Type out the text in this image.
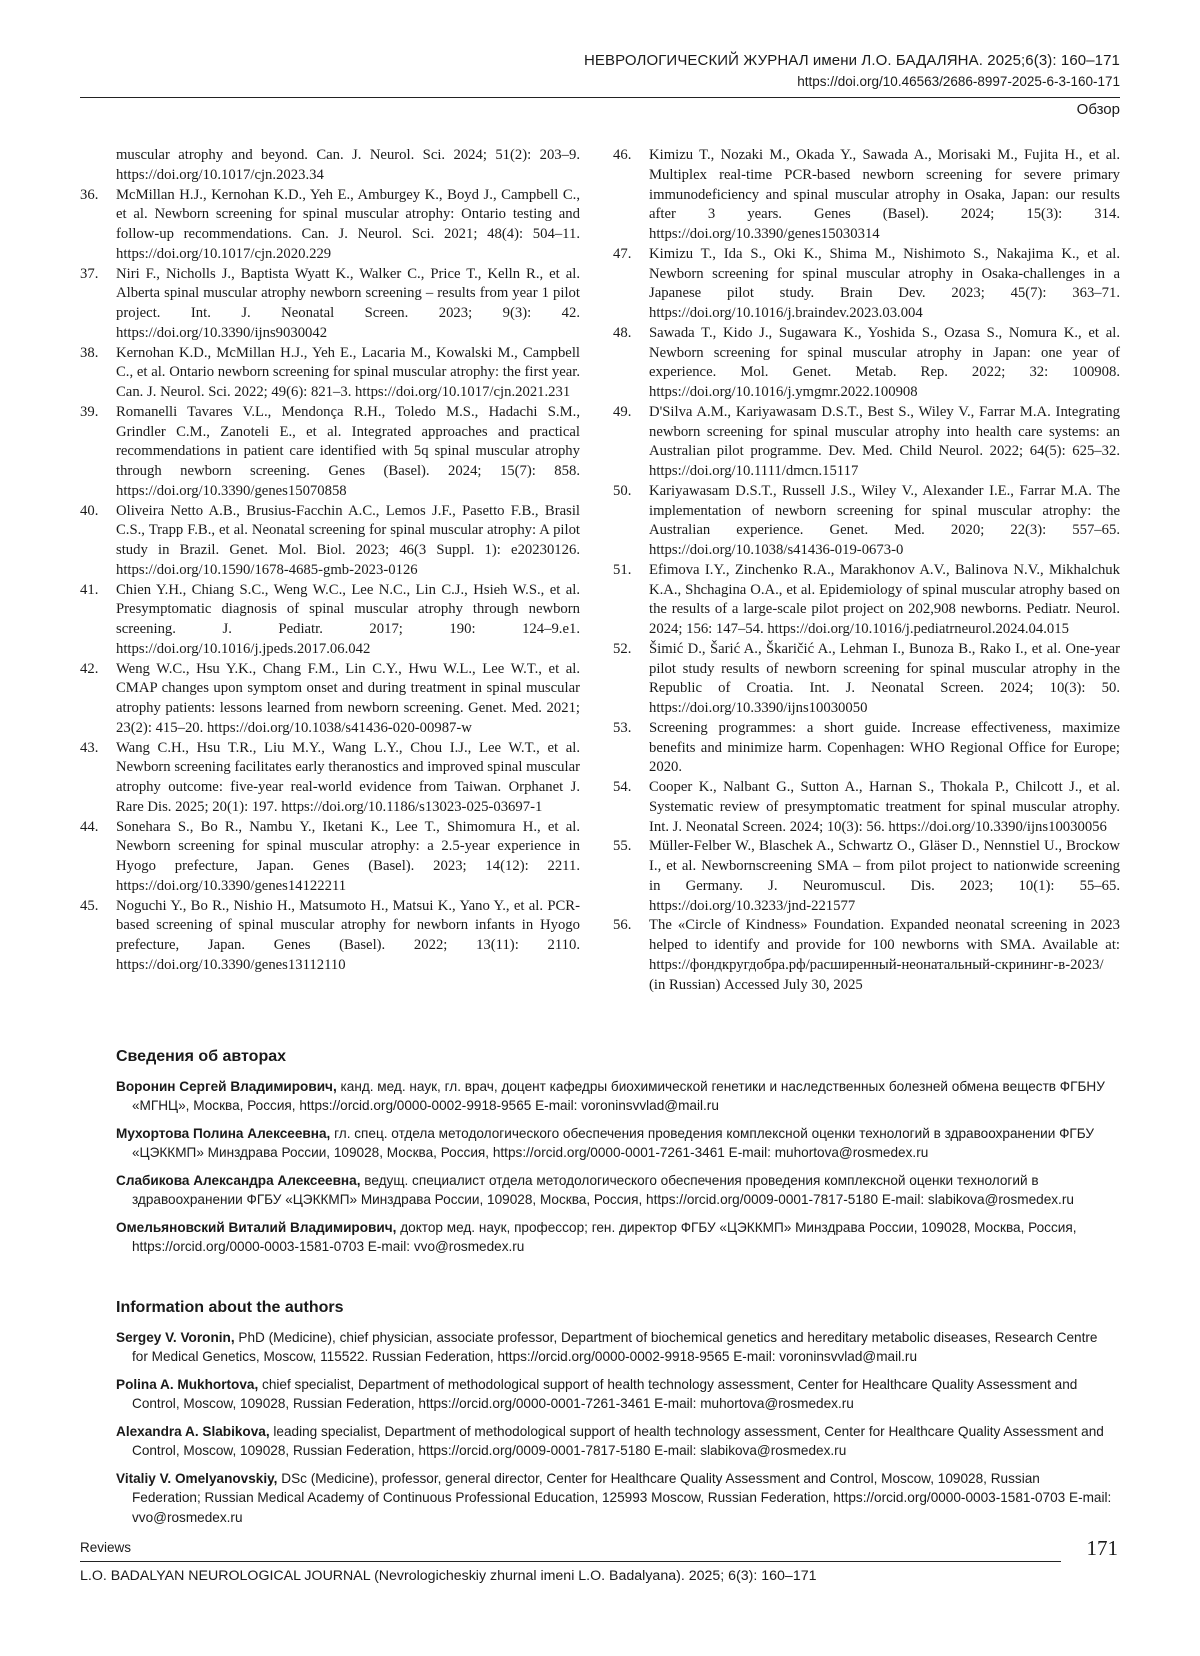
НЕВРОЛОГИЧЕСКИЙ ЖУРНАЛ имени Л.О. БАДАЛЯНА. 2025;6(3): 160–171
https://doi.org/10.46563/2686-8997-2025-6-3-160-171
Обзор
muscular atrophy and beyond. Can. J. Neurol. Sci. 2024; 51(2): 203–9. https://doi.org/10.1017/cjn.2023.34
36.	McMillan H.J., Kernohan K.D., Yeh E., Amburgey K., Boyd J., Campbell C., et al. Newborn screening for spinal muscular atrophy: Ontario testing and follow-up recommendations. Can. J. Neurol. Sci. 2021; 48(4): 504–11. https://doi.org/10.1017/cjn.2020.229
37.	Niri F., Nicholls J., Baptista Wyatt K., Walker C., Price T., Kelln R., et al. Alberta spinal muscular atrophy newborn screening – results from year 1 pilot project. Int. J. Neonatal Screen. 2023; 9(3): 42. https://doi.org/10.3390/ijns9030042
38.	Kernohan K.D., McMillan H.J., Yeh E., Lacaria M., Kowalski M., Campbell C., et al. Ontario newborn screening for spinal muscular atrophy: the first year. Can. J. Neurol. Sci. 2022; 49(6): 821–3. https://doi.org/10.1017/cjn.2021.231
39.	Romanelli Tavares V.L., Mendonça R.H., Toledo M.S., Hadachi S.M., Grindler C.M., Zanoteli E., et al. Integrated approaches and practical recommendations in patient care identified with 5q spinal muscular atrophy through newborn screening. Genes (Basel). 2024; 15(7): 858. https://doi.org/10.3390/genes15070858
40.	Oliveira Netto A.B., Brusius-Facchin A.C., Lemos J.F., Pasetto F.B., Brasil C.S., Trapp F.B., et al. Neonatal screening for spinal muscular atrophy: A pilot study in Brazil. Genet. Mol. Biol. 2023; 46(3 Suppl. 1): e20230126. https://doi.org/10.1590/1678-4685-gmb-2023-0126
41.	Chien Y.H., Chiang S.C., Weng W.C., Lee N.C., Lin C.J., Hsieh W.S., et al. Presymptomatic diagnosis of spinal muscular atrophy through newborn screening. J. Pediatr. 2017; 190: 124–9.e1. https://doi.org/10.1016/j.jpeds.2017.06.042
42.	Weng W.C., Hsu Y.K., Chang F.M., Lin C.Y., Hwu W.L., Lee W.T., et al. CMAP changes upon symptom onset and during treatment in spinal muscular atrophy patients: lessons learned from newborn screening. Genet. Med. 2021; 23(2): 415–20. https://doi.org/10.1038/s41436-020-00987-w
43.	Wang C.H., Hsu T.R., Liu M.Y., Wang L.Y., Chou I.J., Lee W.T., et al. Newborn screening facilitates early theranostics and improved spinal muscular atrophy outcome: five-year real-world evidence from Taiwan. Orphanet J. Rare Dis. 2025; 20(1): 197. https://doi.org/10.1186/s13023-025-03697-1
44.	Sonehara S., Bo R., Nambu Y., Iketani K., Lee T., Shimomura H., et al. Newborn screening for spinal muscular atrophy: a 2.5-year experience in Hyogo prefecture, Japan. Genes (Basel). 2023; 14(12): 2211. https://doi.org/10.3390/genes14122211
45.	Noguchi Y., Bo R., Nishio H., Matsumoto H., Matsui K., Yano Y., et al. PCR-based screening of spinal muscular atrophy for newborn infants in Hyogo prefecture, Japan. Genes (Basel). 2022; 13(11): 2110. https://doi.org/10.3390/genes13112110
46.	Kimizu T., Nozaki M., Okada Y., Sawada A., Morisaki M., Fujita H., et al. Multiplex real-time PCR-based newborn screening for severe primary immunodeficiency and spinal muscular atrophy in Osaka, Japan: our results after 3 years. Genes (Basel). 2024; 15(3): 314. https://doi.org/10.3390/genes15030314
47.	Kimizu T., Ida S., Oki K., Shima M., Nishimoto S., Nakajima K., et al. Newborn screening for spinal muscular atrophy in Osaka-challenges in a Japanese pilot study. Brain Dev. 2023; 45(7): 363–71. https://doi.org/10.1016/j.braindev.2023.03.004
48.	Sawada T., Kido J., Sugawara K., Yoshida S., Ozasa S., Nomura K., et al. Newborn screening for spinal muscular atrophy in Japan: one year of experience. Mol. Genet. Metab. Rep. 2022; 32: 100908. https://doi.org/10.1016/j.ymgmr.2022.100908
49.	D'Silva A.M., Kariyawasam D.S.T., Best S., Wiley V., Farrar M.A. Integrating newborn screening for spinal muscular atrophy into health care systems: an Australian pilot programme. Dev. Med. Child Neurol. 2022; 64(5): 625–32. https://doi.org/10.1111/dmcn.15117
50.	Kariyawasam D.S.T., Russell J.S., Wiley V., Alexander I.E., Farrar M.A. The implementation of newborn screening for spinal muscular atrophy: the Australian experience. Genet. Med. 2020; 22(3): 557–65. https://doi.org/10.1038/s41436-019-0673-0
51.	Efimova I.Y., Zinchenko R.A., Marakhonov A.V., Balinova N.V., Mikhalchuk K.A., Shchagina O.A., et al. Epidemiology of spinal muscular atrophy based on the results of a large-scale pilot project on 202,908 newborns. Pediatr. Neurol. 2024; 156: 147–54. https://doi.org/10.1016/j.pediatrneurol.2024.04.015
52.	Šimić D., Šarić A., Škaričić A., Lehman I., Bunoza B., Rako I., et al. One-year pilot study results of newborn screening for spinal muscular atrophy in the Republic of Croatia. Int. J. Neonatal Screen. 2024; 10(3): 50. https://doi.org/10.3390/ijns10030050
53.	Screening programmes: a short guide. Increase effectiveness, maximize benefits and minimize harm. Copenhagen: WHO Regional Office for Europe; 2020.
54.	Cooper K., Nalbant G., Sutton A., Harnan S., Thokala P., Chilcott J., et al. Systematic review of presymptomatic treatment for spinal muscular atrophy. Int. J. Neonatal Screen. 2024; 10(3): 56. https://doi.org/10.3390/ijns10030056
55.	Müller-Felber W., Blaschek A., Schwartz O., Gläser D., Nennstiel U., Brockow I., et al. Newbornscreening SMA – from pilot project to nationwide screening in Germany. J. Neuromuscul. Dis. 2023; 10(1): 55–65. https://doi.org/10.3233/jnd-221577
56.	The «Circle of Kindness» Foundation. Expanded neonatal screening in 2023 helped to identify and provide for 100 newborns with SMA. Available at: https://фондкругдобра.рф/расширенный-неонатальный-скрининг-в-2023/ (in Russian) Accessed July 30, 2025
Сведения об авторах
Воронин Сергей Владимирович, канд. мед. наук, гл. врач, доцент кафедры биохимической генетики и наследственных болезней обмена веществ ФГБНУ «МГНЦ», Москва, Россия, https://orcid.org/0000-0002-9918-9565 E-mail: voroninsvvlad@mail.ru
Мухортова Полина Алексеевна, гл. спец. отдела методологического обеспечения проведения комплексной оценки технологий в здравоохранении ФГБУ «ЦЭККМП» Минздрава России, 109028, Москва, Россия, https://orcid.org/0000-0001-7261-3461 E-mail: muhortova@rosmedex.ru
Слабикова Александра Алексеевна, ведущ. специалист отдела методологического обеспечения проведения комплексной оценки технологий в здравоохранении ФГБУ «ЦЭККМП» Минздрава России, 109028, Москва, Россия, https://orcid.org/0009-0001-7817-5180 E-mail: slabikova@rosmedex.ru
Омельяновский Виталий Владимирович, доктор мед. наук, профессор; ген. директор ФГБУ «ЦЭККМП» Минздрава России, 109028, Москва, Россия, https://orcid.org/0000-0003-1581-0703 E-mail: vvo@rosmedex.ru
Information about the authors
Sergey V. Voronin, PhD (Medicine), chief physician, associate professor, Department of biochemical genetics and hereditary metabolic diseases, Research Centre for Medical Genetics, Moscow, 115522. Russian Federation, https://orcid.org/0000-0002-9918-9565 E-mail: voroninsvvlad@mail.ru
Polina A. Mukhortova, chief specialist, Department of methodological support of health technology assessment, Center for Healthcare Quality Assessment and Control, Moscow, 109028, Russian Federation, https://orcid.org/0000-0001-7261-3461 E-mail: muhortova@rosmedex.ru
Alexandra A. Slabikova, leading specialist, Department of methodological support of health technology assessment, Center for Healthcare Quality Assessment and Control, Moscow, 109028, Russian Federation, https://orcid.org/0009-0001-7817-5180 E-mail: slabikova@rosmedex.ru
Vitaliy V. Omelyanovskiy, DSc (Medicine), professor, general director, Center for Healthcare Quality Assessment and Control, Moscow, 109028, Russian Federation; Russian Medical Academy of Continuous Professional Education, 125993 Moscow, Russian Federation, https://orcid.org/0000-0003-1581-0703 E-mail: vvo@rosmedex.ru
Reviews	171
L.O. BADALYAN NEUROLOGICAL JOURNAL (Nevrologicheskiy zhurnal imeni L.O. Badalyana). 2025; 6(3): 160–171
